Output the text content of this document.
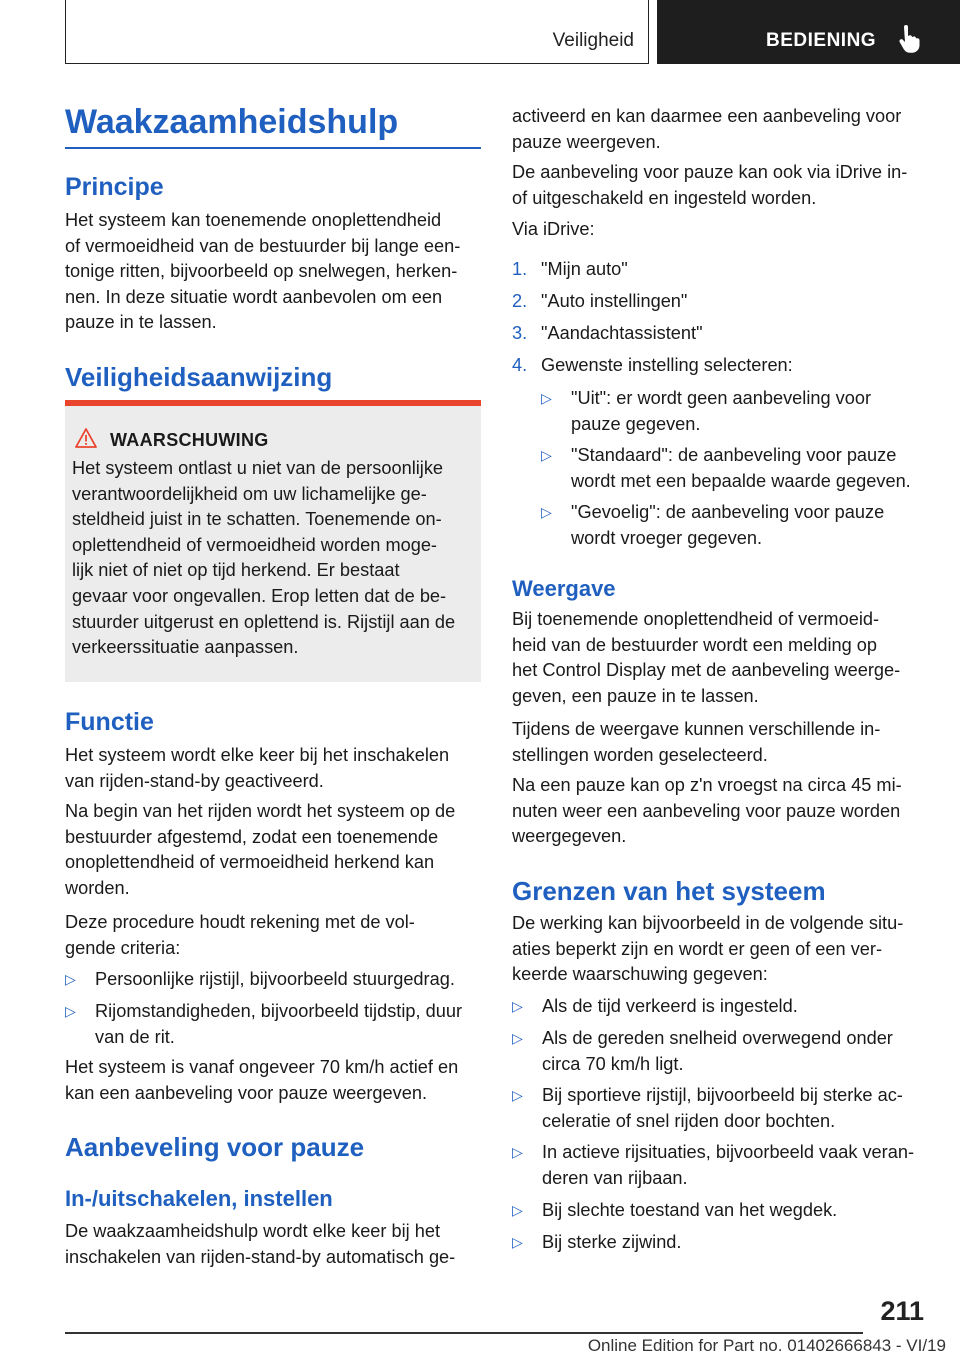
Veiligheid	BEDIENING
Waakzaamheidshulp
Principe

Het systeem kan toenemende onoplettendheid

of vermoeidheid van de bestuurder bij lange een-

tonige ritten, bijvoorbeeld op snelwegen, herken-

nen. In deze situatie wordt aanbevolen om een

pauze in te lassen.

Veiligheidsaanwijzing
WAARSCHUWING

Het systeem ontlast u niet van de persoonlijke

verantwoordelijkheid om uw lichamelijke ge-

steldheid juist in te schatten. Toenemende on-

oplettendheid of vermoeidheid worden moge-

lijk niet of niet op tijd herkend. Er bestaat

gevaar voor ongevallen. Erop letten dat de be-

stuurder uitgerust en oplettend is. Rijstijl aan de

verkeerssituatie aanpassen.

Functie

Het systeem wordt elke keer bij het inschakelen

van rijden-stand-by geactiveerd.

Na begin van het rijden wordt het systeem op de

bestuurder afgestemd, zodat een toenemende

onoplettendheid of vermoeidheid herkend kan

worden.

Deze procedure houdt rekening met de vol-

gende criteria:

▷ Persoonlijke rijstijl, bijvoorbeeld stuurgedrag.
▷ Rijomstandigheden, bijvoorbeeld tijdstip, duur
van de rit.

Het systeem is vanaf ongeveer 70 km/h actief en

kan een aanbeveling voor pauze weergeven.

Aanbeveling voor pauze
In-/uitschakelen, instellen

De waakzaamheidshulp wordt elke keer bij het

inschakelen van rijden-stand-by automatisch ge-

activeerd en kan daarmee een aanbeveling voor

pauze weergeven.

De aanbeveling voor pauze kan ook via iDrive in-

of uitgeschakeld en ingesteld worden.

Via iDrive:

1. "Mijn auto"
2. "Auto instellingen"
3. "Aandachtassistent"
4. Gewenste instelling selecteren:
▷ "Uit": er wordt geen aanbeveling voor
pauze gegeven.
▷ "Standaard": de aanbeveling voor pauze
wordt met een bepaalde waarde gegeven.
▷ "Gevoelig": de aanbeveling voor pauze
wordt vroeger gegeven.
Weergave

Bij toenemende onoplettendheid of vermoeid-

heid van de bestuurder wordt een melding op

het Control Display met de aanbeveling weerge-

geven, een pauze in te lassen.

Tijdens de weergave kunnen verschillende in-

stellingen worden geselecteerd.

Na een pauze kan op z'n vroegst na circa 45 mi-

nuten weer een aanbeveling voor pauze worden

weergegeven.

Grenzen van het systeem

De werking kan bijvoorbeeld in de volgende situ-

aties beperkt zijn en wordt er geen of een ver-

keerde waarschuwing gegeven:

▷ Als de tijd verkeerd is ingesteld.
▷ Als de gereden snelheid overwegend onder
circa 70 km/h ligt.
▷ Bij sportieve rijstijl, bijvoorbeeld bij sterke ac-
celeratie of snel rijden door bochten.
▷ In actieve rijsituaties, bijvoorbeeld vaak veran-
deren van rijbaan.
▷ Bij slechte toestand van het wegdek.
▷ Bij sterke zijwind.
211
Online Edition for Part no. 01402666843 - VI/19
